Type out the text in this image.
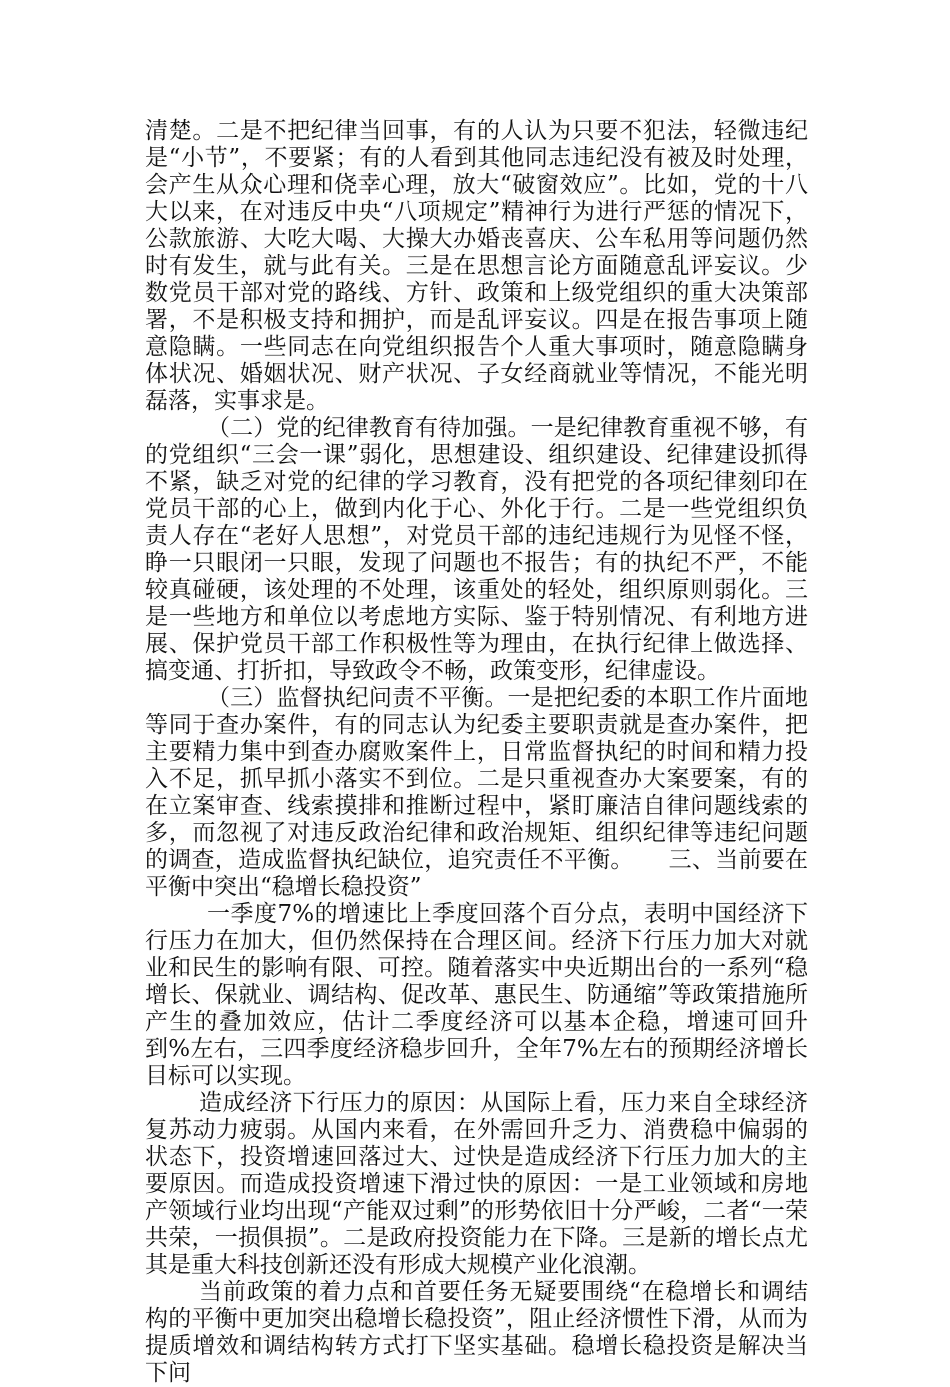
清楚。二是不把纪律当回事，有的人认为只要不犯法，轻微违纪是“小节”，不要紧；有的人看到其他同志违纪没有被及时处理，会产生从众心理和侥幸心理，放大“破窗效应”。比如，党的十八大以来，在对违反中央“八项规定”精神行为进行严惩的情况下，公款旅游、大吃大喝、大操大办婚丧喜庆、公车私用等问题仍然时有发生，就与此有关。三是在思想言论方面随意乱评妄议。少数党员干部对党的路线、方针、政策和上级党组织的重大决策部署，不是积极支持和拥护，而是乱评妄议。四是在报告事项上随意隐瞒。一些同志在向党组织报告个人重大事项时，随意隐瞒身体状况、婚姻状况、财产状况、子女经商就业等情况，不能光明磊落，实事求是。

（二）党的纪律教育有待加强。一是纪律教育重视不够，有的党组织“三会一课”弱化，思想建设、组织建设、纪律建设抓得不紧，缺乏对党的纪律的学习教育，没有把党的各项纪律刻印在党员干部的心上，做到内化于心、外化于行。二是一些党组织负责人存在“老好人思想”，对党员干部的违纪违规行为见怪不怪，睁一只眼闭一只眼，发现了问题也不报告；有的执纪不严，不能较真碰硬，该处理的不处理，该重处的轻处，组织原则弱化。三是一些地方和单位以考虑地方实际、鉴于特别情况、有利地方进展、保护党员干部工作积极性等为理由，在执行纪律上做选择、搞变通、打折扣，导致政令不畅，政策变形，纪律虚设。

（三）监督执纪问责不平衡。一是把纪委的本职工作片面地等同于查办案件，有的同志认为纪委主要职责就是查办案件，把主要精力集中到查办腐败案件上，日常监督执纪的时间和精力投入不足，抓早抓小落实不到位。二是只重视查办大案要案，有的在立案审查、线索摸排和推断过程中，紧盯廉洁自律问题线索的多，而忽视了对违反政治纪律和政治规矩、组织纪律等违纪问题的调查，造成监督执纪缺位，追究责任不平衡。　　三、当前要在平衡中突出“稳增长稳投资”

一季度7%的增速比上季度回落个百分点，表明中国经济下行压力在加大，但仍然保持在合理区间。经济下行压力加大对就业和民生的影响有限、可控。随着落实中央近期出台的一系列“稳增长、保就业、调结构、促改革、惠民生、防通缩”等政策措施所产生的叠加效应，估计二季度经济可以基本企稳，增速可回升到%左右，三四季度经济稳步回升，全年7%左右的预期经济增长目标可以实现。

造成经济下行压力的原因：从国际上看，压力来自全球经济复苏动力疲弱。从国内来看，在外需回升乏力、消费稳中偏弱的状态下，投资增速回落过大、过快是造成经济下行压力加大的主要原因。而造成投资增速下滑过快的原因：一是工业领域和房地产领域行业均出现“产能双过剩”的形势依旧十分严峻，二者“一荣共荣，一损俱损”。二是政府投资能力在下降。三是新的增长点尤其是重大科技创新还没有形成大规模产业化浪潮。

当前政策的着力点和首要任务无疑要围绕“在稳增长和调结构的平衡中更加突出稳增长稳投资”，阻止经济惯性下滑，从而为提质增效和调结构转方式打下坚实基础。稳增长稳投资是解决当下问
